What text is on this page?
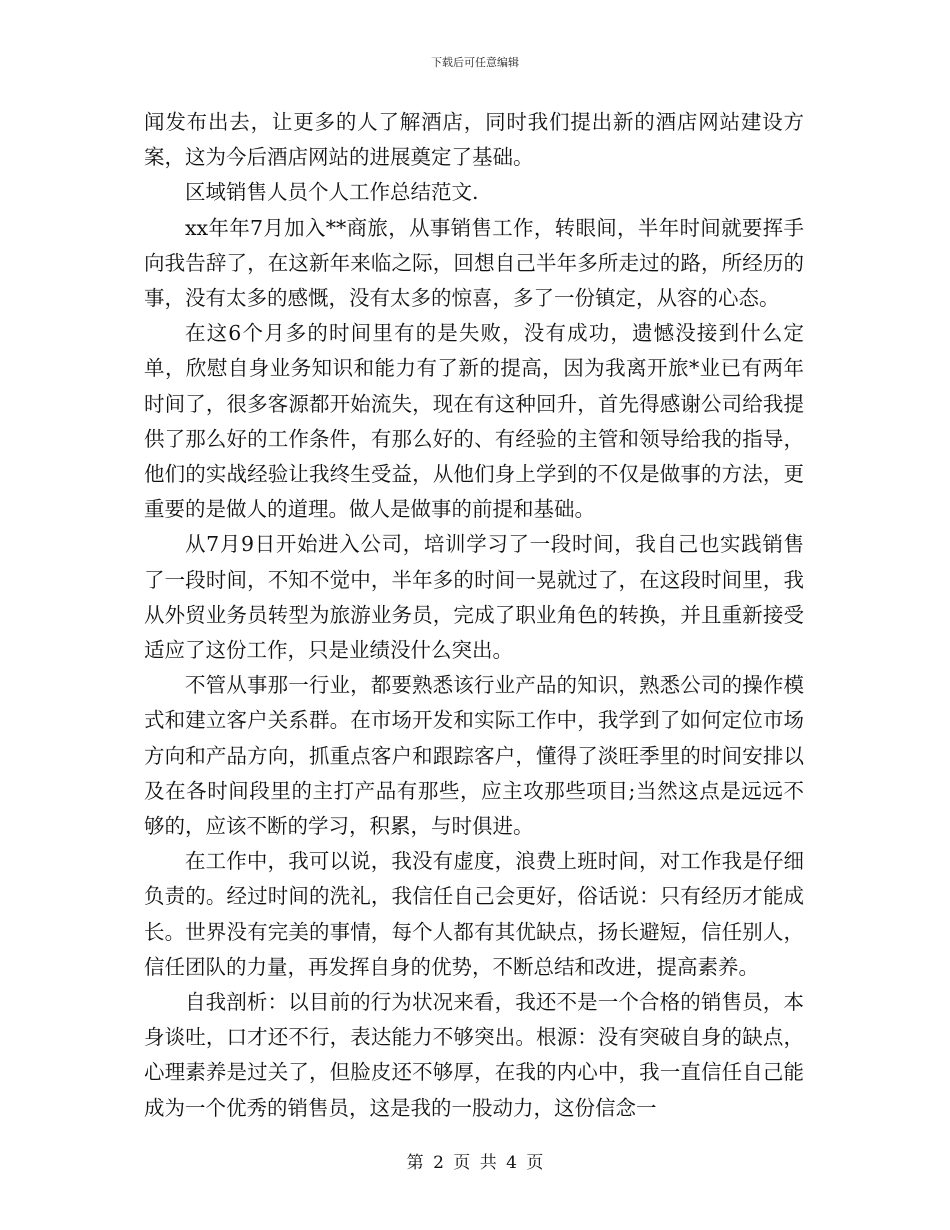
下载后可任意编辑

闻发布出去，让更多的人了解酒店，同时我们提出新的酒店网站建设方案，这为今后酒店网站的进展奠定了基础。

区域销售人员个人工作总结范文.

xx年年7月加入**商旅，从事销售工作，转眼间，半年时间就要挥手向我告辞了，在这新年来临之际，回想自己半年多所走过的路，所经历的事，没有太多的感慨，没有太多的惊喜，多了一份镇定，从容的心态。

在这6个月多的时间里有的是失败，没有成功，遗憾没接到什么定单，欣慰自身业务知识和能力有了新的提高，因为我离开旅*业已有两年时间了，很多客源都开始流失，现在有这种回升，首先得感谢公司给我提供了那么好的工作条件，有那么好的、有经验的主管和领导给我的指导，他们的实战经验让我终生受益，从他们身上学到的不仅是做事的方法，更重要的是做人的道理。做人是做事的前提和基础。

从7月9日开始进入公司，培训学习了一段时间，我自己也实践销售了一段时间，不知不觉中，半年多的时间一晃就过了，在这段时间里，我从外贸业务员转型为旅游业务员，完成了职业角色的转换，并且重新接受适应了这份工作，只是业绩没什么突出。

不管从事那一行业，都要熟悉该行业产品的知识，熟悉公司的操作模式和建立客户关系群。在市场开发和实际工作中，我学到了如何定位市场方向和产品方向，抓重点客户和跟踪客户，懂得了淡旺季里的时间安排以及在各时间段里的主打产品有那些，应主攻那些项目;当然这点是远远不够的，应该不断的学习，积累，与时俱进。

在工作中，我可以说，我没有虚度，浪费上班时间，对工作我是仔细负责的。经过时间的洗礼，我信任自己会更好，俗话说：只有经历才能成长。世界没有完美的事情，每个人都有其优缺点，扬长避短，信任别人，信任团队的力量，再发挥自身的优势，不断总结和改进，提高素养。

自我剖析：以目前的行为状况来看，我还不是一个合格的销售员，本身谈吐，口才还不行，表达能力不够突出。根源：没有突破自身的缺点，心理素养是过关了，但脸皮还不够厚，在我的内心中，我一直信任自己能成为一个优秀的销售员，这是我的一股动力，这份信念一

第 2 页 共 4 页
